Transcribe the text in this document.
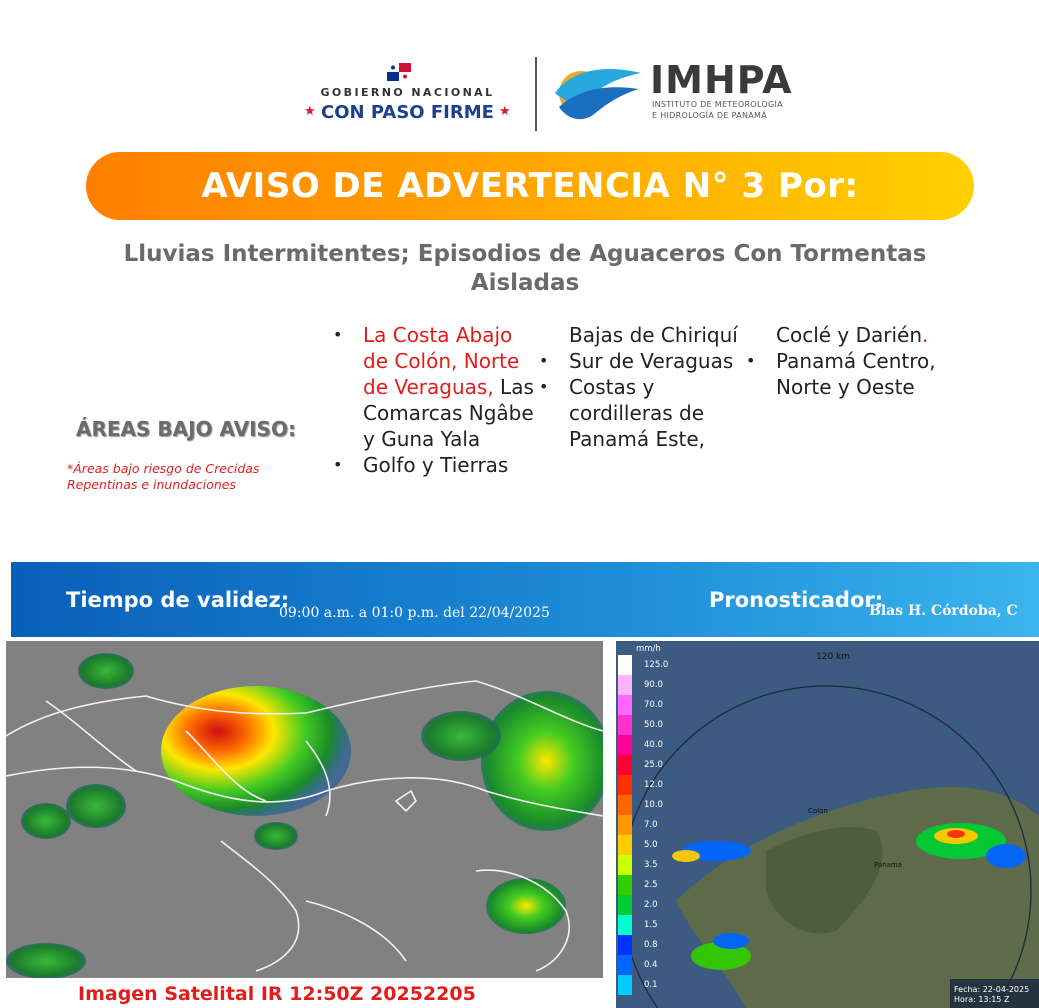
GOBIERNO NACIONAL
★ CON PASO FIRME ★
IMHPA
INSTITUTO DE METEOROLOGÍA
E HIDROLOGÍA DE PANAMÁ
AVISO DE ADVERTENCIA N° 3 Por:
Lluvias Intermitentes; Episodios de Aguaceros Con Tormentas Aisladas
ÁREAS BAJO AVISO:
*Áreas bajo riesgo de Crecidas Repentinas e inundaciones
• La Costa Abajo de Colón, Norte de Veraguas, Las Comarcas Ngâbe y Guna Yala
• Golfo y Tierras
Bajas de Chiriquí
• Sur de Veraguas
• Costas y cordilleras de Panamá Este,
Coclé y Darién.
• Panamá Centro, Norte y Oeste
Tiempo de validez:
09:00 a.m. a 01:0 p.m. del 22/04/2025
Pronosticador:
Blas H. Córdoba, C
Imagen Satelital IR 12:50Z 20252205
125.0
90.0
70.0
50.0
40.0
25.0
12.0
10.0
7.0
5.0
3.5
2.5
2.0
1.5
0.8
0.4
0.1
mm/h
120 km
Colon
Panama
Fecha: 22-04-2025
Hora: 13:15 Z
